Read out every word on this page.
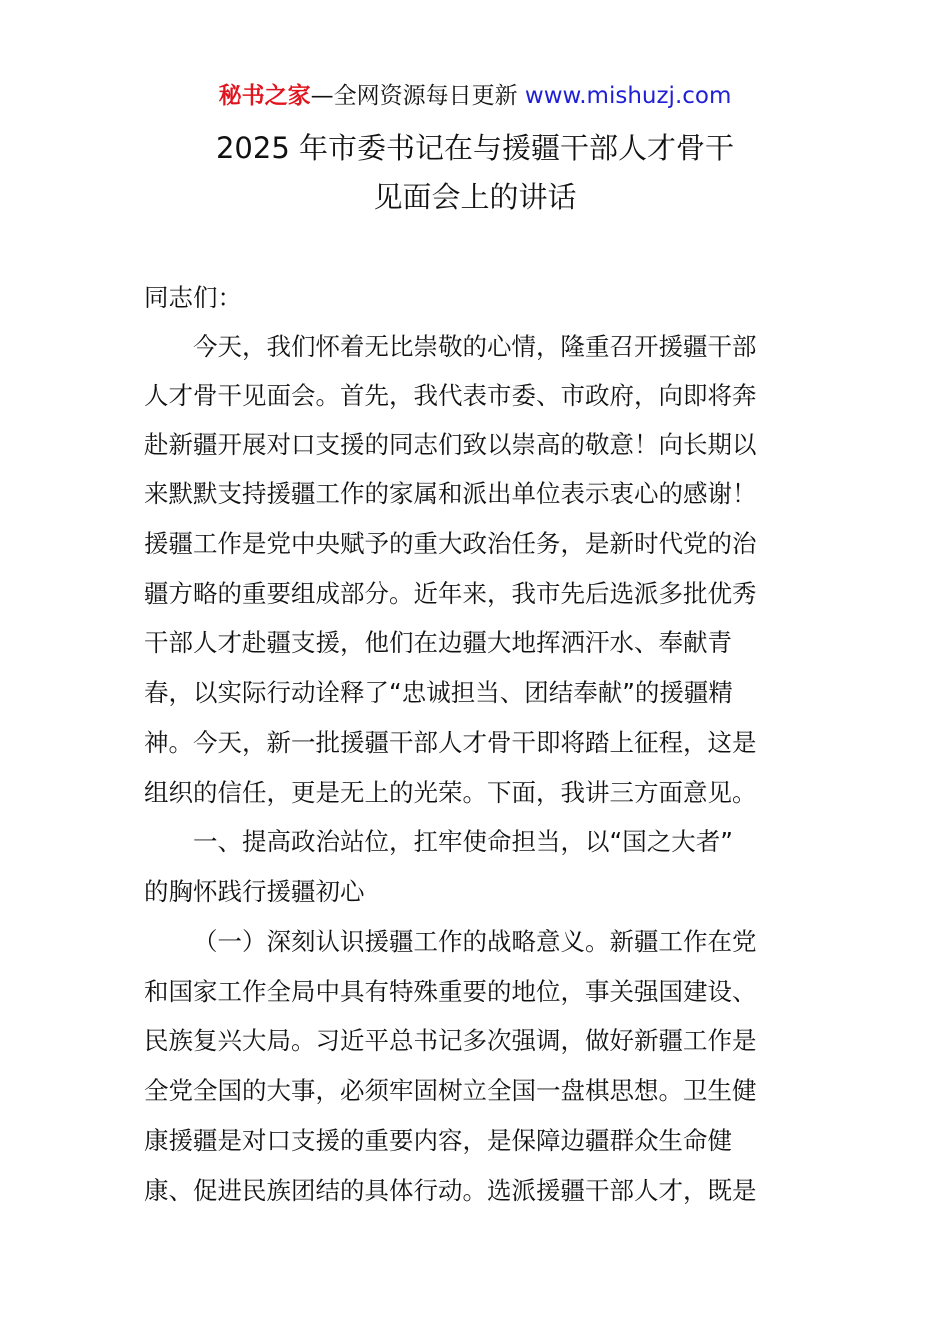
秘书之家—全网资源每日更新 www.mishuzj.com
2025 年市委书记在与援疆干部人才骨干
见面会上的讲话
同志们：
今天，我们怀着无比崇敬的心情，隆重召开援疆干部
人才骨干见面会。首先，我代表市委、市政府，向即将奔
赴新疆开展对口支援的同志们致以崇高的敬意！向长期以
来默默支持援疆工作的家属和派出单位表示衷心的感谢！
援疆工作是党中央赋予的重大政治任务，是新时代党的治
疆方略的重要组成部分。近年来，我市先后选派多批优秀
干部人才赴疆支援，他们在边疆大地挥洒汗水、奉献青
春，以实际行动诠释了“忠诚担当、团结奉献”的援疆精
神。今天，新一批援疆干部人才骨干即将踏上征程，这是
组织的信任，更是无上的光荣。下面，我讲三方面意见。
一、提高政治站位，扛牢使命担当，以“国之大者”
的胸怀践行援疆初心
（一）深刻认识援疆工作的战略意义。新疆工作在党
和国家工作全局中具有特殊重要的地位，事关强国建设、
民族复兴大局。习近平总书记多次强调，做好新疆工作是
全党全国的大事，必须牢固树立全国一盘棋思想。卫生健
康援疆是对口支援的重要内容，是保障边疆群众生命健
康、促进民族团结的具体行动。选派援疆干部人才，既是
